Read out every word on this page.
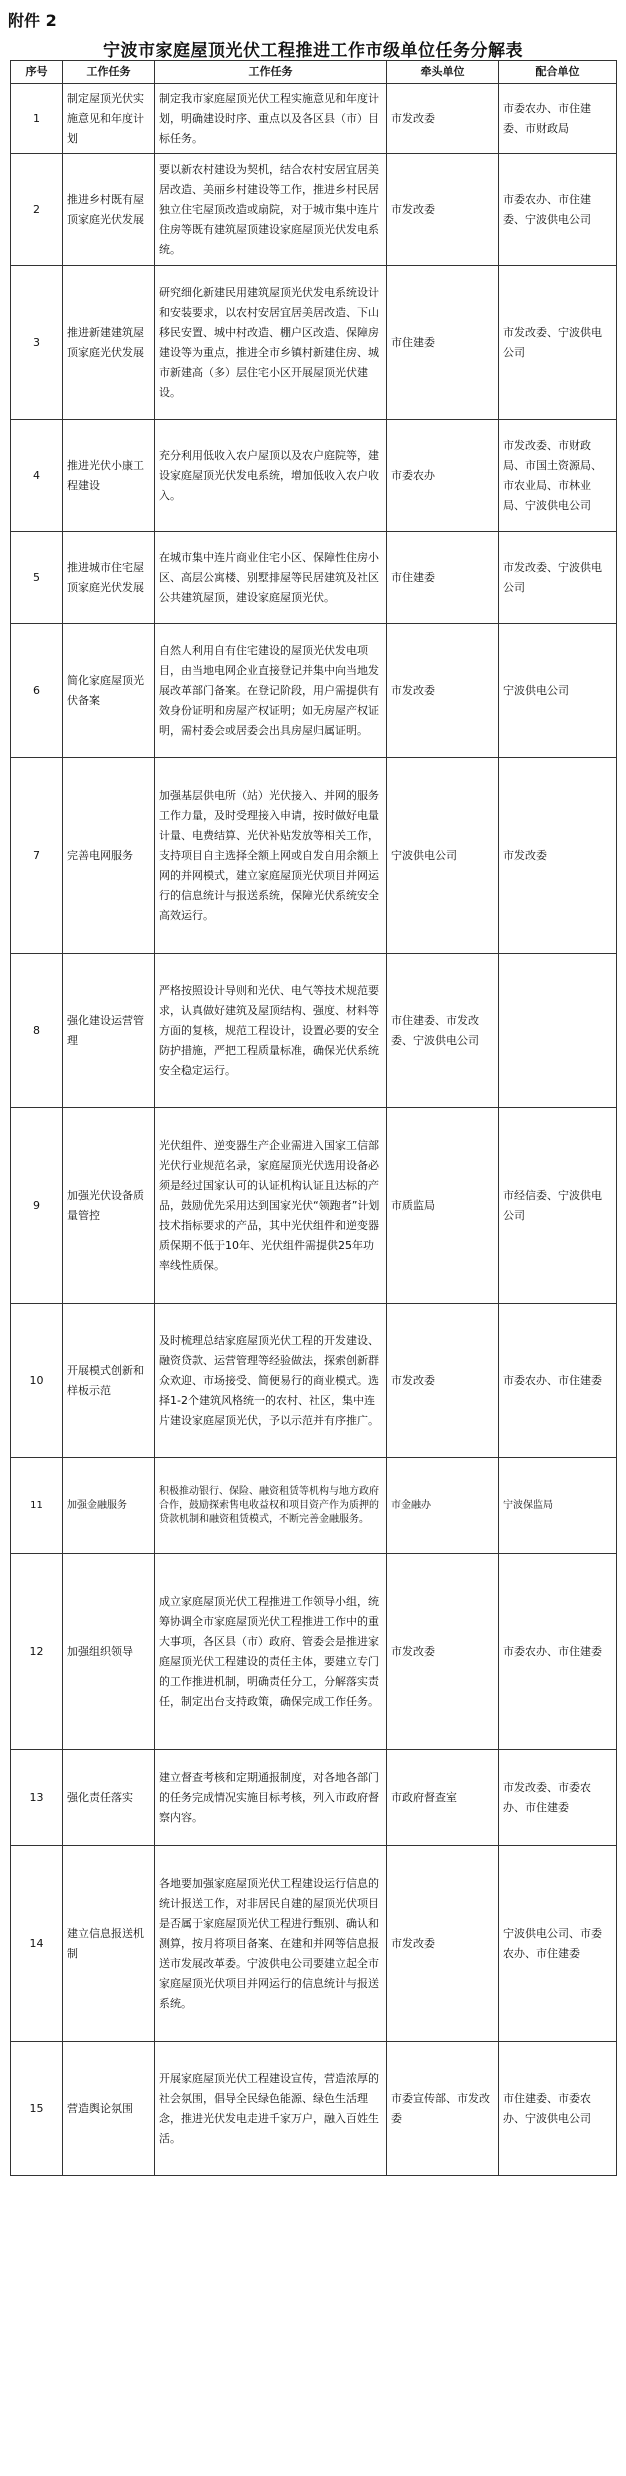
附件 2
宁波市家庭屋顶光伏工程推进工作市级单位任务分解表
序号	工作任务	工作任务	牵头单位	配合单位
1	制定屋顶光伏实施意见和年度计划	制定我市家庭屋顶光伏工程实施意见和年度计划，明确建设时序、重点以及各区县（市）目标任务。	市发改委	市委农办、市住建委、市财政局
2	推进乡村既有屋顶家庭光伏发展	要以新农村建设为契机，结合农村安居宜居美居改造、美丽乡村建设等工作，推进乡村民居独立住宅屋顶改造或扇院，对于城市集中连片住房等既有建筑屋顶建设家庭屋顶光伏发电系统。	市发改委	市委农办、市住建委、宁波供电公司
3	推进新建建筑屋顶家庭光伏发展	研究细化新建民用建筑屋顶光伏发电系统设计和安装要求，以农村安居宜居美居改造、下山移民安置、城中村改造、棚户区改造、保障房建设等为重点，推进全市乡镇村新建住房、城市新建高（多）层住宅小区开展屋顶光伏建设。	市住建委	市发改委、宁波供电公司
4	推进光伏小康工程建设	充分利用低收入农户屋顶以及农户庭院等，建设家庭屋顶光伏发电系统，增加低收入农户收入。	市委农办	市发改委、市财政局、市国土资源局、市农业局、市林业局、宁波供电公司
5	推进城市住宅屋顶家庭光伏发展	在城市集中连片商业住宅小区、保障性住房小区、高层公寓楼、别墅排屋等民居建筑及社区公共建筑屋顶，建设家庭屋顶光伏。	市住建委	市发改委、宁波供电公司
6	简化家庭屋顶光伏备案	自然人利用自有住宅建设的屋顶光伏发电项目，由当地电网企业直接登记并集中向当地发展改革部门备案。在登记阶段，用户需提供有效身份证明和房屋产权证明；如无房屋产权证明，需村委会或居委会出具房屋归属证明。	市发改委	宁波供电公司
7	完善电网服务	加强基层供电所（站）光伏接入、并网的服务工作力量，及时受理接入申请，按时做好电量计量、电费结算、光伏补贴发放等相关工作，支持项目自主选择全额上网或自发自用余额上网的并网模式，建立家庭屋顶光伏项目并网运行的信息统计与报送系统，保障光伏系统安全高效运行。	宁波供电公司	市发改委
8	强化建设运营管理	严格按照设计导则和光伏、电气等技术规范要求，认真做好建筑及屋顶结构、强度、材料等方面的复核，规范工程设计，设置必要的安全防护措施，严把工程质量标准，确保光伏系统安全稳定运行。	市住建委、市发改委、宁波供电公司	
9	加强光伏设备质量管控	光伏组件、逆变器生产企业需进入国家工信部光伏行业规范名录，家庭屋顶光伏选用设备必须是经过国家认可的认证机构认证且达标的产品，鼓励优先采用达到国家光伏“领跑者”计划技术指标要求的产品，其中光伏组件和逆变器质保期不低于10年、光伏组件需提供25年功率线性质保。	市质监局	市经信委、宁波供电公司
10	开展模式创新和样板示范	及时梳理总结家庭屋顶光伏工程的开发建设、融资贷款、运营管理等经验做法，探索创新群众欢迎、市场接受、简便易行的商业模式。选择1-2个建筑风格统一的农村、社区，集中连片建设家庭屋顶光伏，予以示范并有序推广。	市发改委	市委农办、市住建委
11	加强金融服务	积极推动银行、保险、融资租赁等机构与地方政府合作，鼓励探索售电收益权和项目资产作为质押的贷款机制和融资租赁模式，不断完善金融服务。	市金融办	宁波保监局
12	加强组织领导	成立家庭屋顶光伏工程推进工作领导小组，统筹协调全市家庭屋顶光伏工程推进工作中的重大事项，各区县（市）政府、管委会是推进家庭屋顶光伏工程建设的责任主体，要建立专门的工作推进机制，明确责任分工，分解落实责任，制定出台支持政策，确保完成工作任务。	市发改委	市委农办、市住建委
13	强化责任落实	建立督查考核和定期通报制度，对各地各部门的任务完成情况实施目标考核，列入市政府督察内容。	市政府督查室	市发改委、市委农办、市住建委
14	建立信息报送机制	各地要加强家庭屋顶光伏工程建设运行信息的统计报送工作，对非居民自建的屋顶光伏项目是否属于家庭屋顶光伏工程进行甄别、确认和测算，按月将项目备案、在建和并网等信息报送市发展改革委。宁波供电公司要建立起全市家庭屋顶光伏项目并网运行的信息统计与报送系统。	市发改委	宁波供电公司、市委农办、市住建委
15	营造舆论氛围	开展家庭屋顶光伏工程建设宣传，营造浓厚的社会氛围，倡导全民绿色能源、绿色生活理念，推进光伏发电走进千家万户，融入百姓生活。	市委宣传部、市发改委	市住建委、市委农办、宁波供电公司
